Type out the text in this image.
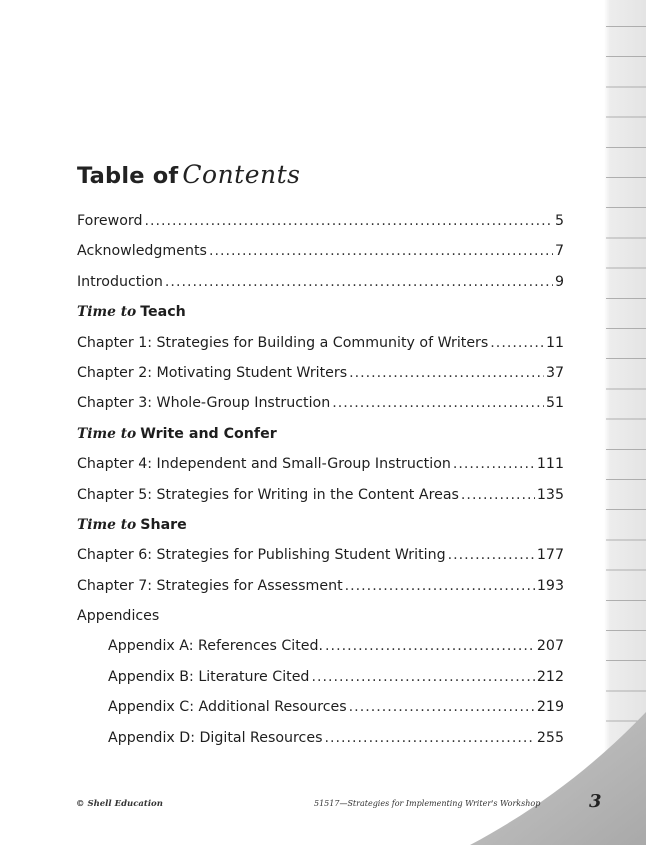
Table of Contents
Foreword .....	5
Acknowledgments .....	7
Introduction .....	9
Time to Teach
Chapter 1: Strategies for Building a Community of Writers .....	11
Chapter 2: Motivating Student Writers .....	37
Chapter 3: Whole-Group Instruction .....	51
Time to Write and Confer
Chapter 4: Independent and Small-Group Instruction .....	111
Chapter 5: Strategies for Writing in the Content Areas .....	135
Time to Share
Chapter 6: Strategies for Publishing Student Writing .....	177
Chapter 7: Strategies for Assessment .....	193
Appendices
Appendix A: References Cited. .....	207
Appendix B: Literature Cited .....	212
Appendix C: Additional Resources .....	219
Appendix D: Digital Resources .....	255
© Shell Education	51517—Strategies for Implementing Writer's Workshop	3
